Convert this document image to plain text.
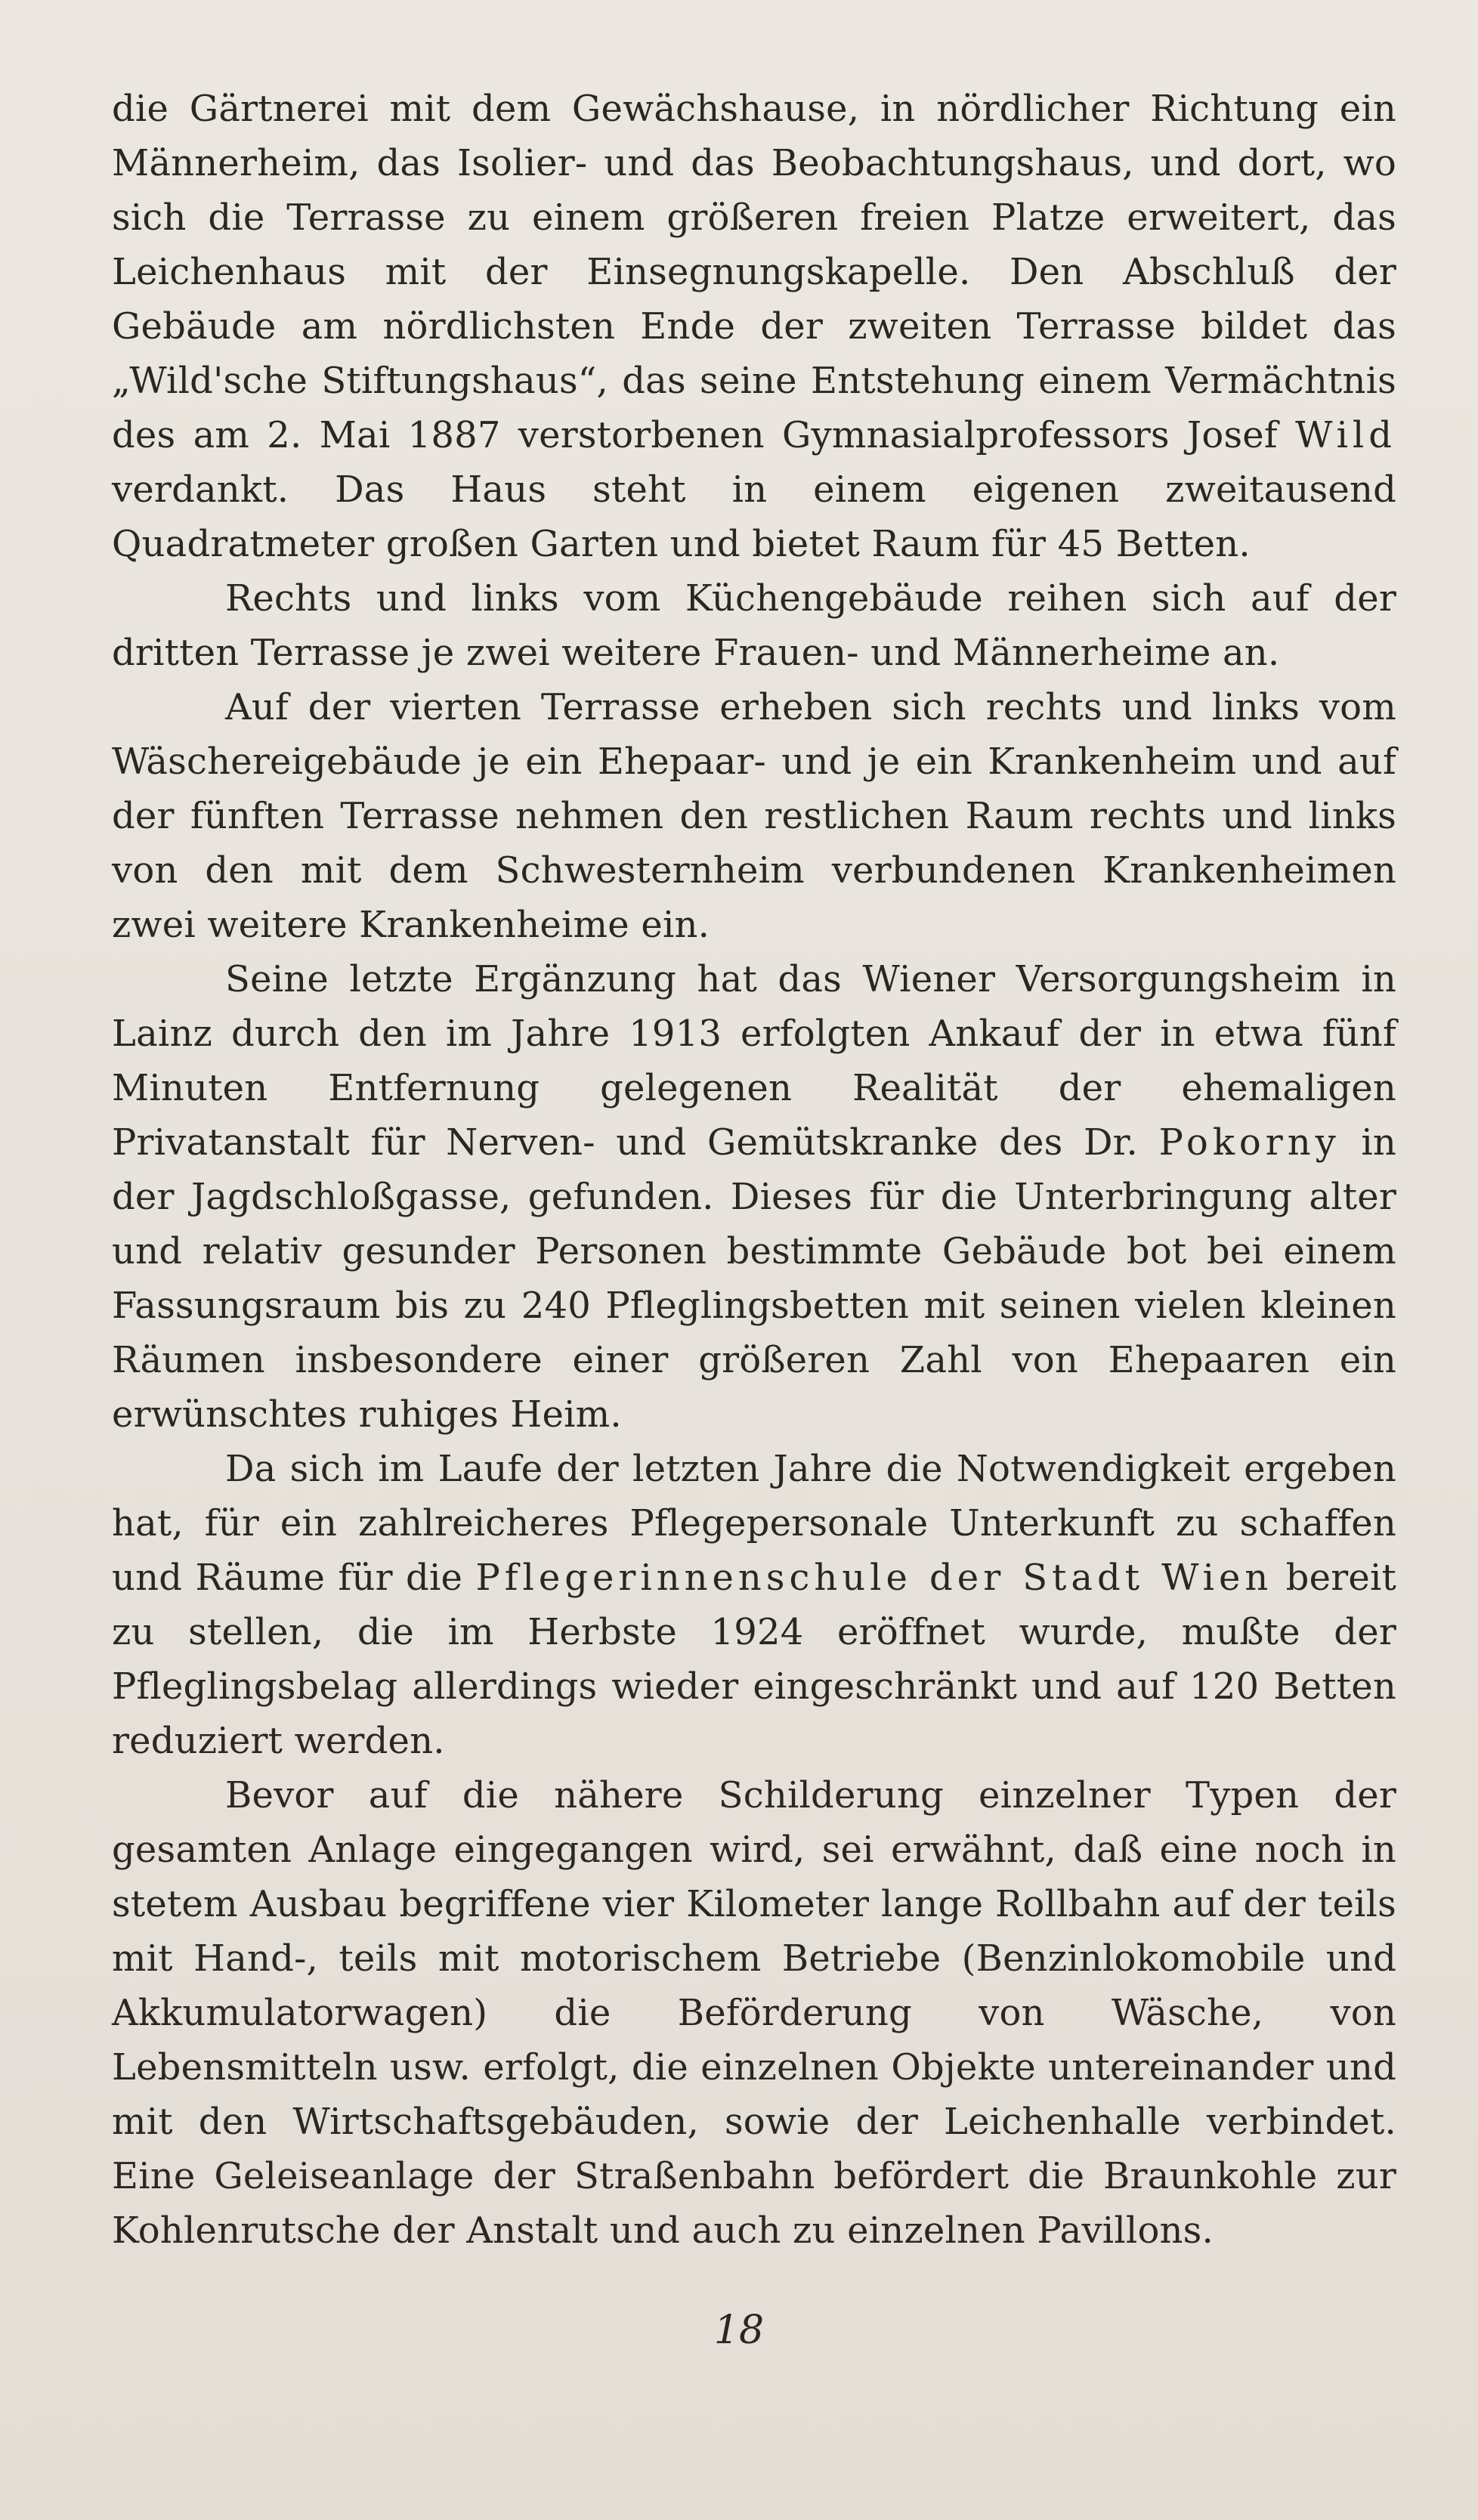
die Gärtnerei mit dem Gewächshause, in nördlicher Richtung ein Männerheim, das Isolier- und das Beobachtungshaus, und dort, wo sich die Terrasse zu einem größeren freien Platze erweitert, das Leichenhaus mit der Einsegnungskapelle. Den Abschluß der Gebäude am nördlichsten Ende der zweiten Terrasse bildet das „Wild'sche Stiftungshaus“, das seine Entstehung einem Vermächtnis des am 2. Mai 1887 verstorbenen Gymnasialprofessors Josef Wild verdankt. Das Haus steht in einem eigenen zweitausend Quadratmeter großen Garten und bietet Raum für 45 Betten.

Rechts und links vom Küchengebäude reihen sich auf der dritten Terrasse je zwei weitere Frauen- und Männerheime an.

Auf der vierten Terrasse erheben sich rechts und links vom Wäschereigebäude je ein Ehepaar- und je ein Krankenheim und auf der fünften Terrasse nehmen den restlichen Raum rechts und links von den mit dem Schwesternheim verbundenen Krankenheimen zwei weitere Krankenheime ein.

Seine letzte Ergänzung hat das Wiener Versorgungsheim in Lainz durch den im Jahre 1913 erfolgten Ankauf der in etwa fünf Minuten Entfernung gelegenen Realität der ehemaligen Privatanstalt für Nerven- und Gemütskranke des Dr. Pokorny in der Jagdschloßgasse, gefunden. Dieses für die Unterbringung alter und relativ gesunder Personen bestimmte Gebäude bot bei einem Fassungsraum bis zu 240 Pfleglingsbetten mit seinen vielen kleinen Räumen insbesondere einer größeren Zahl von Ehepaaren ein erwünschtes ruhiges Heim.

Da sich im Laufe der letzten Jahre die Notwendigkeit ergeben hat, für ein zahlreicheres Pflegepersonale Unterkunft zu schaffen und Räume für die Pflegerinnenschule der Stadt Wien bereit zu stellen, die im Herbste 1924 eröffnet wurde, mußte der Pfleglingsbelag allerdings wieder eingeschränkt und auf 120 Betten reduziert werden.

Bevor auf die nähere Schilderung einzelner Typen der gesamten Anlage eingegangen wird, sei erwähnt, daß eine noch in stetem Ausbau begriffene vier Kilometer lange Rollbahn auf der teils mit Hand-, teils mit motorischem Betriebe (Benzinlokomobile und Akkumulatorwagen) die Beförderung von Wäsche, von Lebensmitteln usw. erfolgt, die einzelnen Objekte untereinander und mit den Wirtschaftsgebäuden, sowie der Leichenhalle verbindet. Eine Geleiseanlage der Straßenbahn befördert die Braunkohle zur Kohlenrutsche der Anstalt und auch zu einzelnen Pavillons.

18
